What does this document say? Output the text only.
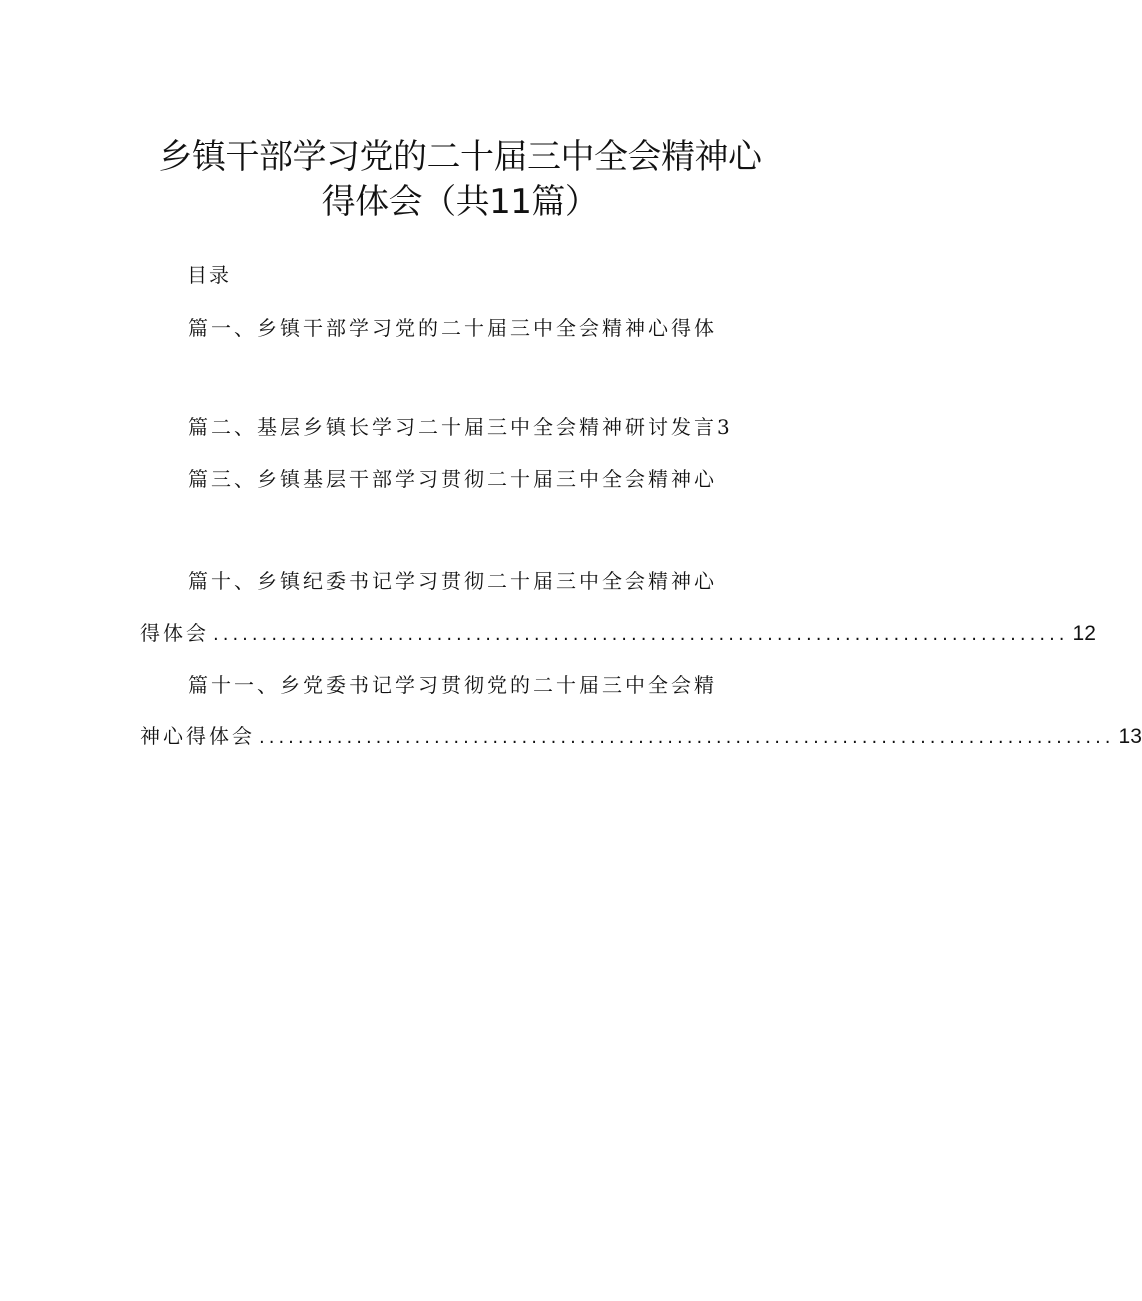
乡镇干部学习党的二十届三中全会精神心
得体会（共11篇）
目录
篇一、乡镇干部学习党的二十届三中全会精神心得体
篇二、基层乡镇长学习二十届三中全会精神研讨发言3
篇三、乡镇基层干部学习贯彻二十届三中全会精神心
篇十、乡镇纪委书记学习贯彻二十届三中全会精神心
得体会 ........................................................................................ 12
篇十一、乡党委书记学习贯彻党的二十届三中全会精
神心得体会 ........................................................................................ 13
